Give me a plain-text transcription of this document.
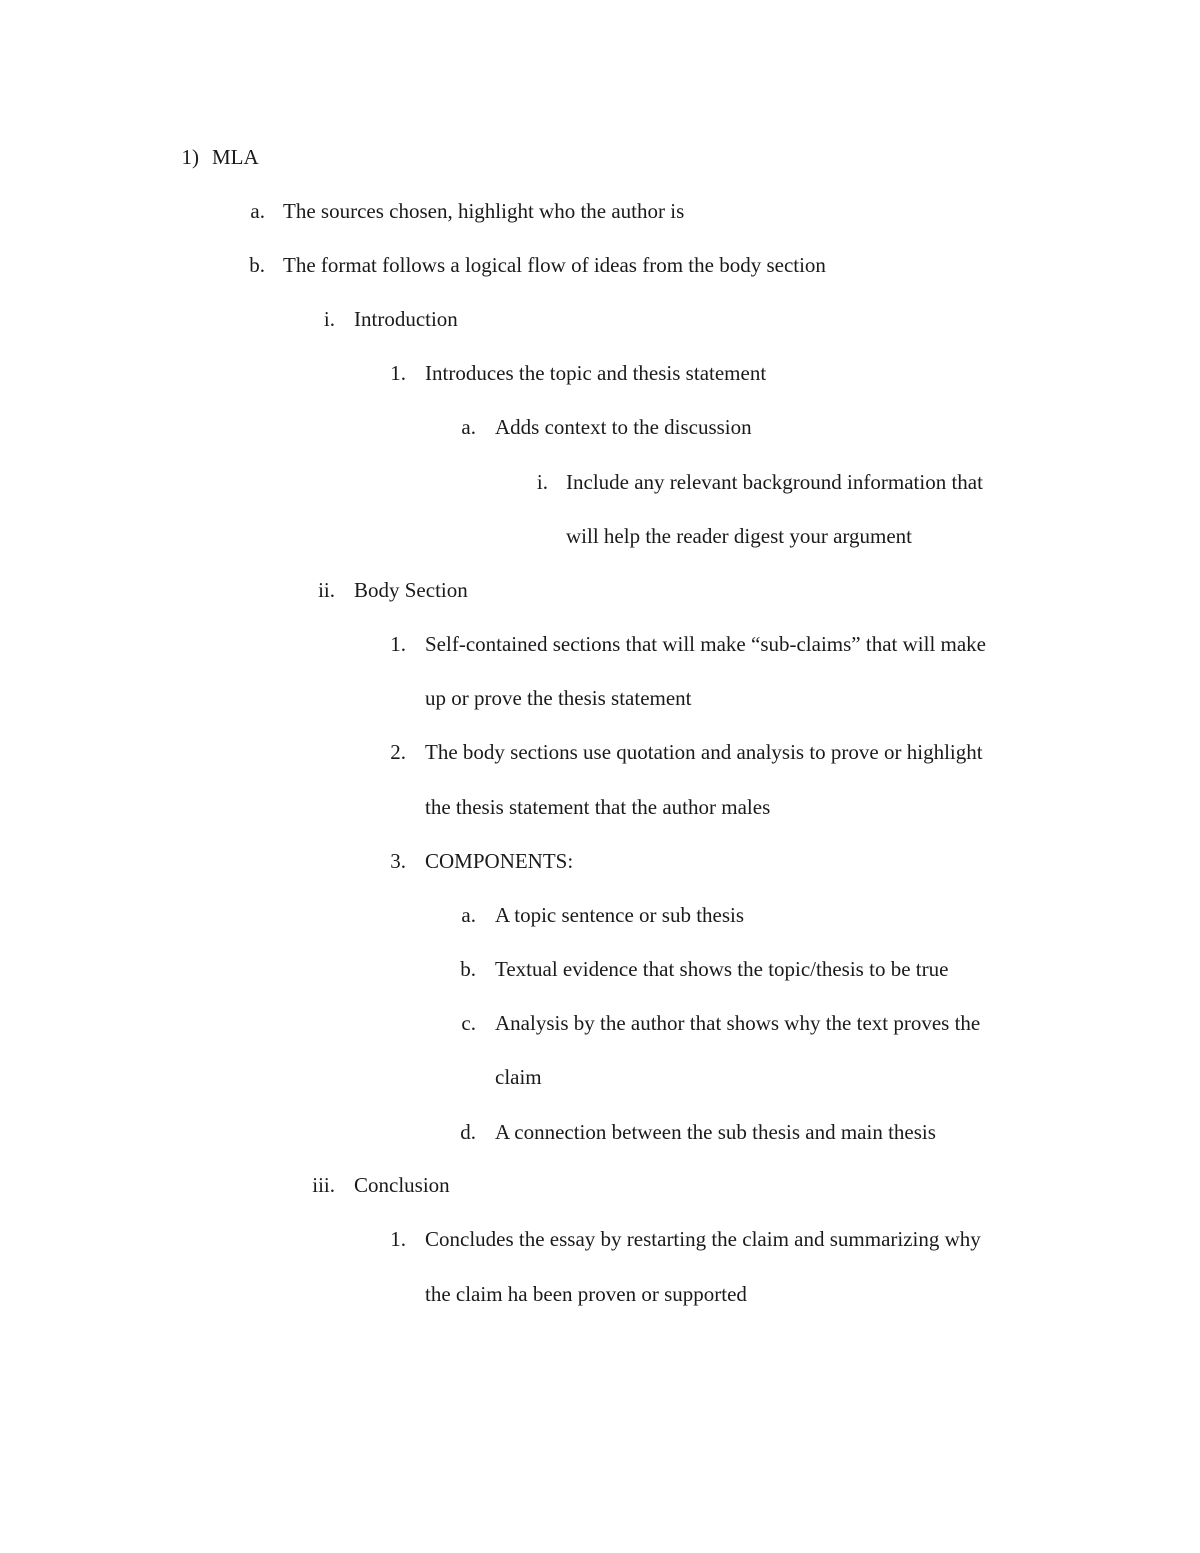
1) MLA
a. The sources chosen, highlight who the author is
b. The format follows a logical flow of ideas from the body section
i. Introduction
1. Introduces the topic and thesis statement
a. Adds context to the discussion
i. Include any relevant background information that
will help the reader digest your argument
ii. Body Section
1. Self-contained sections that will make “sub-claims” that will make
up or prove the thesis statement
2. The body sections use quotation and analysis to prove or highlight
the thesis statement that the author males
3. COMPONENTS:
a. A topic sentence or sub thesis
b. Textual evidence that shows the topic/thesis to be true
c. Analysis by the author that shows why the text proves the
claim
d. A connection between the sub thesis and main thesis
iii. Conclusion
1. Concludes the essay by restarting the claim and summarizing why
the claim ha been proven or supported
